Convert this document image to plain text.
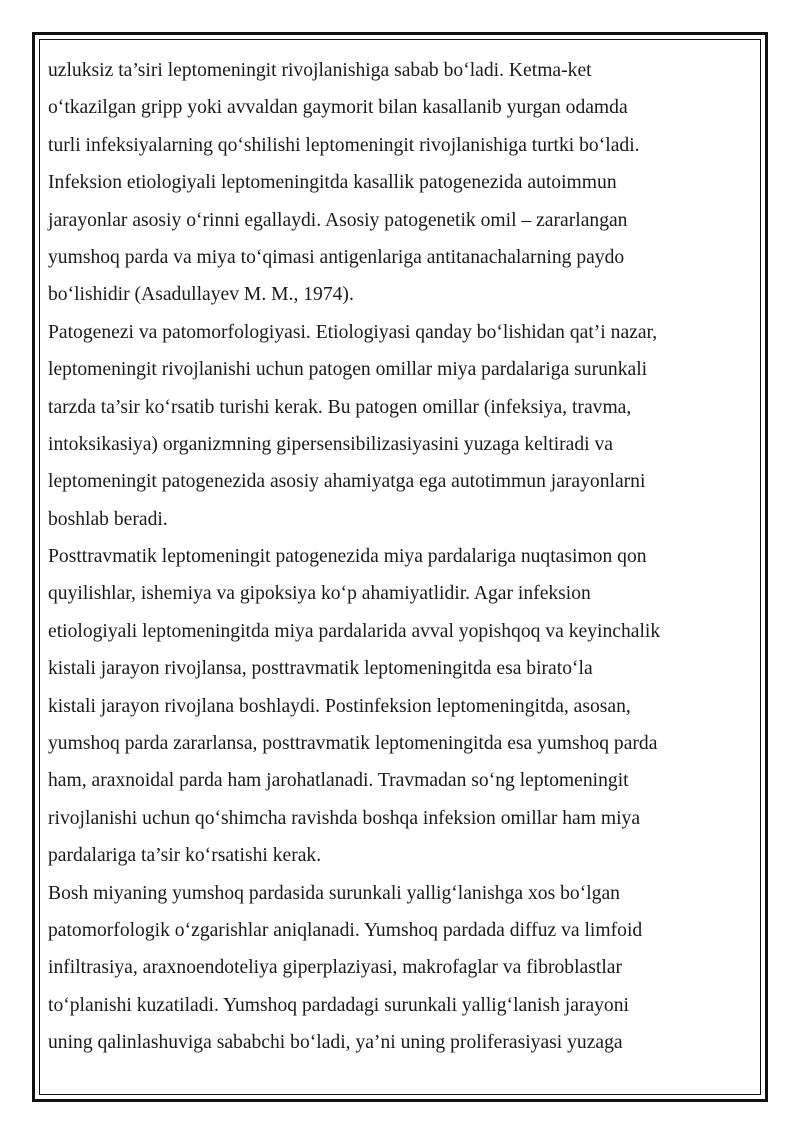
uzluksiz ta’siri leptomeningit rivojlanishiga sabab bo‘ladi. Ketma-ket
o‘tkazilgan gripp yoki avvaldan gaymorit bilan kasallanib yurgan odamda
turli infeksiyalarning qo‘shilishi leptomeningit rivojlanishiga turtki bo‘ladi.
Infeksion etiologiyali leptomeningitda kasallik patogenezida autoimmun
jarayonlar asosiy o‘rinni egallaydi. Asosiy patogenetik omil – zararlangan
yumshoq parda va miya to‘qimasi antigenlariga antitanachalarning paydo
bo‘lishidir (Asadullayev M. M., 1974).
Patogenezi va patomorfologiyasi. Etiologiyasi qanday bo‘lishidan qat’i nazar,
leptomeningit rivojlanishi uchun patogen omillar miya pardalariga surunkali
tarzda ta’sir ko‘rsatib turishi kerak. Bu patogen omillar (infeksiya, travma,
intoksikasiya) organizmning gipersensibilizasiyasini yuzaga keltiradi va
leptomeningit patogenezida asosiy ahamiyatga ega autotimmun jarayonlarni
boshlab beradi.
Posttravmatik leptomeningit patogenezida miya pardalariga nuqtasimon qon
quyilishlar, ishemiya va gipoksiya ko‘p ahamiyatlidir. Agar infeksion
etiologiyali leptomeningitda miya pardalarida avval yopishqoq va keyinchalik
kistali jarayon rivojlansa, posttravmatik leptomeningitda esa birato‘la
kistali jarayon rivojlana boshlaydi. Postinfeksion leptomeningitda, asosan,
yumshoq parda zararlansa, posttravmatik leptomeningitda esa yumshoq parda
ham, araxnoidal parda ham jarohatlanadi. Travmadan so‘ng leptomeningit
rivojlanishi uchun qo‘shimcha ravishda boshqa infeksion omillar ham miya
pardalariga ta’sir ko‘rsatishi kerak.
Bosh miyaning yumshoq pardasida surunkali yallig‘lanishga xos bo‘lgan
patomorfologik o‘zgarishlar aniqlanadi. Yumshoq pardada diffuz va limfoid
infiltrasiya, araxnoendoteliya giperplaziyasi, makrofaglar va fibroblastlar
to‘planishi kuzatiladi. Yumshoq pardadagi surunkali yallig‘lanish jarayoni
uning qalinlashuviga sababchi bo‘ladi, ya’ni uning proliferasiyasi yuzaga
